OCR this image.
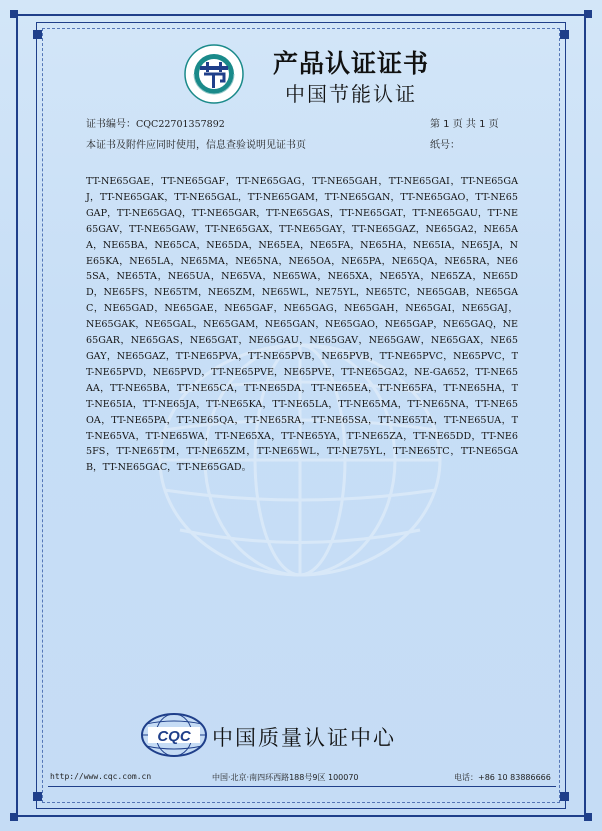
产品认证证书
中国节能认证
证书编号：CQC22701357892	第 1 页 共 1 页
本证书及附件应同时使用，信息查验说明见证书页	纸号：
TT-NE65GAE，TT-NE65GAF，TT-NE65GAG，TT-NE65GAH，TT-NE65GAI，TT-NE65GAJ，TT-NE65GAK，TT-NE65GAL，TT-NE65GAM，TT-NE65GAN，TT-NE65GAO，TT-NE65GAP，TT-NE65GAQ，TT-NE65GAR，TT-NE65GAS，TT-NE65GAT，TT-NE65GAU，TT-NE65GAV，TT-NE65GAW，TT-NE65GAX，TT-NE65GAY，TT-NE65GAZ，NE65GA2，NE65AA，NE65BA，NE65CA，NE65DA，NE65EA，NE65FA，NE65HA，NE65IA，NE65JA，NE65KA，NE65LA，NE65MA，NE65NA，NE65OA，NE65PA，NE65QA，NE65RA，NE65SA，NE65TA，NE65UA，NE65VA，NE65WA，NE65XA，NE65YA，NE65ZA，NE65DD，NE65FS，NE65TM，NE65ZM，NE65WL，NE75YL，NE65TC，NE65GAB，NE65GAC，NE65GAD，NE65GAE，NE65GAF，NE65GAG，NE65GAH，NE65GAI，NE65GAJ，NE65GAK，NE65GAL，NE65GAM，NE65GAN，NE65GAO，NE65GAP，NE65GAQ，NE65GAR，NE65GAS，NE65GAT，NE65GAU，NE65GAV，NE65GAW，NE65GAX，NE65GAY，NE65GAZ，TT-NE65PVA，TT-NE65PVB，NE65PVB，TT-NE65PVC，NE65PVC，TT-NE65PVD，NE65PVD，TT-NE65PVE，NE65PVE，TT-NE65GA2，NE-GA652，TT-NE65AA，TT-NE65BA，TT-NE65CA，TT-NE65DA，TT-NE65EA，TT-NE65FA，TT-NE65HA，TT-NE65IA，TT-NE65JA，TT-NE65KA，TT-NE65LA，TT-NE65MA，TT-NE65NA，TT-NE65OA，TT-NE65PA，TT-NE65QA，TT-NE65RA，TT-NE65SA，TT-NE65TA，TT-NE65UA，TT-NE65VA，TT-NE65WA，TT-NE65XA，TT-NE65YA，TT-NE65ZA，TT-NE65DD，TT-NE65FS，TT-NE65TM，TT-NE65ZM，TT-NE65WL，TT-NE75YL，TT-NE65TC，TT-NE65GAB，TT-NE65GAC，TT-NE65GAD。
CQC 中国质量认证中心
http://www.cqc.com.cn	中国·北京·南四环西路188号9区 100070	电话：+86 10 83886666
